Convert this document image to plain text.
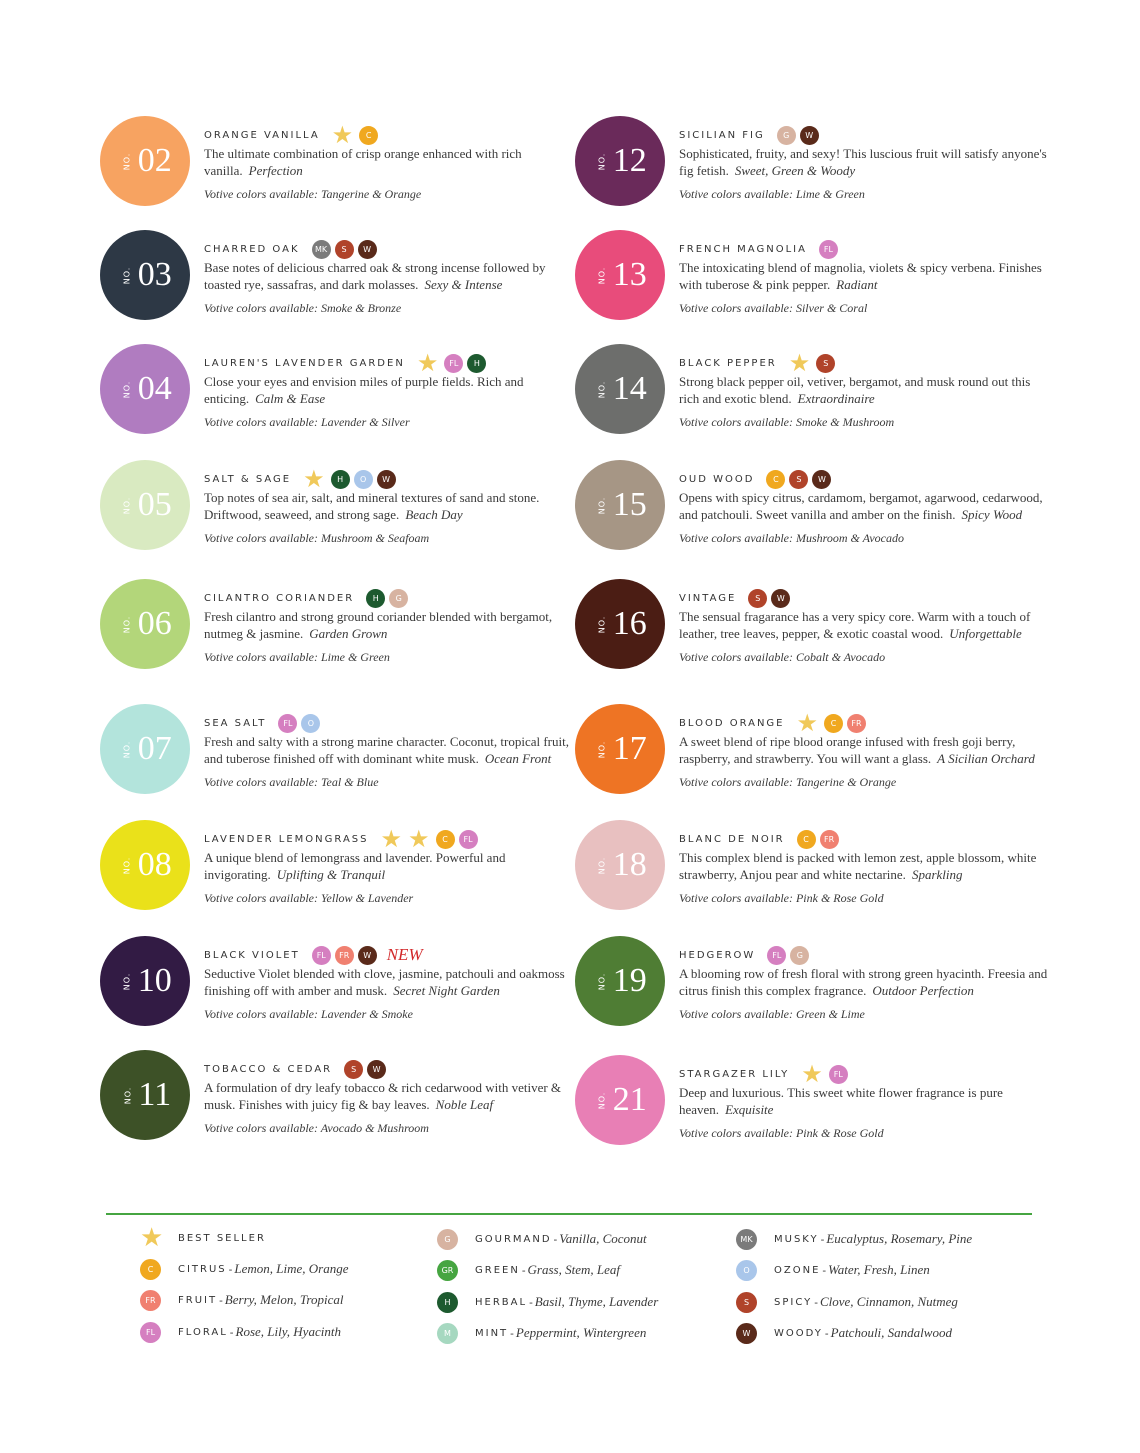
NO. 02
ORANGE VANILLA ★	C
The ultimate combination of crisp orange enhanced with rich vanilla. Perfection
Votive colors available: Tangerine & Orange
NO. 03
CHARRED OAK	MK	S	W
Base notes of delicious charred oak & strong incense followed by toasted rye, sassafras, and dark molasses. Sexy & Intense
Votive colors available: Smoke & Bronze
NO. 04
LAUREN'S LAVENDER GARDEN ★	FL	H
Close your eyes and envision miles of purple fields. Rich and enticing. Calm & Ease
Votive colors available: Lavender & Silver
NO. 05
SALT & SAGE ★	H	O	W
Top notes of sea air, salt, and mineral textures of sand and stone. Driftwood, seaweed, and strong sage. Beach Day
Votive colors available: Mushroom & Seafoam
NO. 06
CILANTRO CORIANDER	H	G
Fresh cilantro and strong ground coriander blended with bergamot, nutmeg & jasmine. Garden Grown
Votive colors available: Lime & Green
NO. 07
SEA SALT	FL	O
Fresh and salty with a strong marine character. Coconut, tropical fruit, and tuberose finished off with dominant white musk. Ocean Front
Votive colors available: Teal & Blue
NO. 08
LAVENDER LEMONGRASS ★ ★	C	FL
A unique blend of lemongrass and lavender. Powerful and invigorating. Uplifting & Tranquil
Votive colors available: Yellow & Lavender
NO. 10
BLACK VIOLET	FL	FR	W NEW
Seductive Violet blended with clove, jasmine, patchouli and oakmoss finishing off with amber and musk. Secret Night Garden
Votive colors available: Lavender & Smoke
NO. 11
TOBACCO & CEDAR	S	W
A formulation of dry leafy tobacco & rich cedarwood with vetiver & musk. Finishes with juicy fig & bay leaves. Noble Leaf
Votive colors available: Avocado & Mushroom
NO. 12
SICILIAN FIG	G	W
Sophisticated, fruity, and sexy! This luscious fruit will satisfy anyone's fig fetish. Sweet, Green & Woody
Votive colors available: Lime & Green
NO. 13
FRENCH MAGNOLIA	FL
The intoxicating blend of magnolia, violets & spicy verbena. Finishes with tuberose & pink pepper. Radiant
Votive colors available: Silver & Coral
NO. 14
BLACK PEPPER ★	S
Strong black pepper oil, vetiver, bergamot, and musk round out this rich and exotic blend. Extraordinaire
Votive colors available: Smoke & Mushroom
NO. 15
OUD WOOD	C	S	W
Opens with spicy citrus, cardamom, bergamot, agarwood, cedarwood, and patchouli. Sweet vanilla and amber on the finish. Spicy Wood
Votive colors available: Mushroom & Avocado
NO. 16
VINTAGE	S	W
The sensual fragarance has a very spicy core. Warm with a touch of leather, tree leaves, pepper, & exotic coastal wood. Unforgettable
Votive colors available: Cobalt & Avocado
NO. 17
BLOOD ORANGE ★	C	FR
A sweet blend of ripe blood orange infused with fresh goji berry, raspberry, and strawberry. You will want a glass. A Sicilian Orchard
Votive colors available: Tangerine & Orange
NO. 18
BLANC DE NOIR	C	FR
This complex blend is packed with lemon zest, apple blossom, white strawberry, Anjou pear and white nectarine. Sparkling
Votive colors available: Pink & Rose Gold
NO. 19
HEDGEROW	FL	G
A blooming row of fresh floral with strong green hyacinth. Freesia and citrus finish this complex fragrance. Outdoor Perfection
Votive colors available: Green & Lime
NO. 21
STARGAZER LILY ★	FL
Deep and luxurious. This sweet white flower fragrance is pure heaven. Exquisite
Votive colors available: Pink & Rose Gold
★ BEST SELLER
C	CITRUS - Lemon, Lime, Orange
FR	FRUIT - Berry, Melon, Tropical
FL	FLORAL - Rose, Lily, Hyacinth
G	GOURMAND - Vanilla, Coconut
GR	GREEN - Grass, Stem, Leaf
H	HERBAL - Basil, Thyme, Lavender
M	MINT - Peppermint, Wintergreen
MK	MUSKY - Eucalyptus, Rosemary, Pine
O	OZONE - Water, Fresh, Linen
S	SPICY - Clove, Cinnamon, Nutmeg
W	WOODY - Patchouli, Sandalwood
